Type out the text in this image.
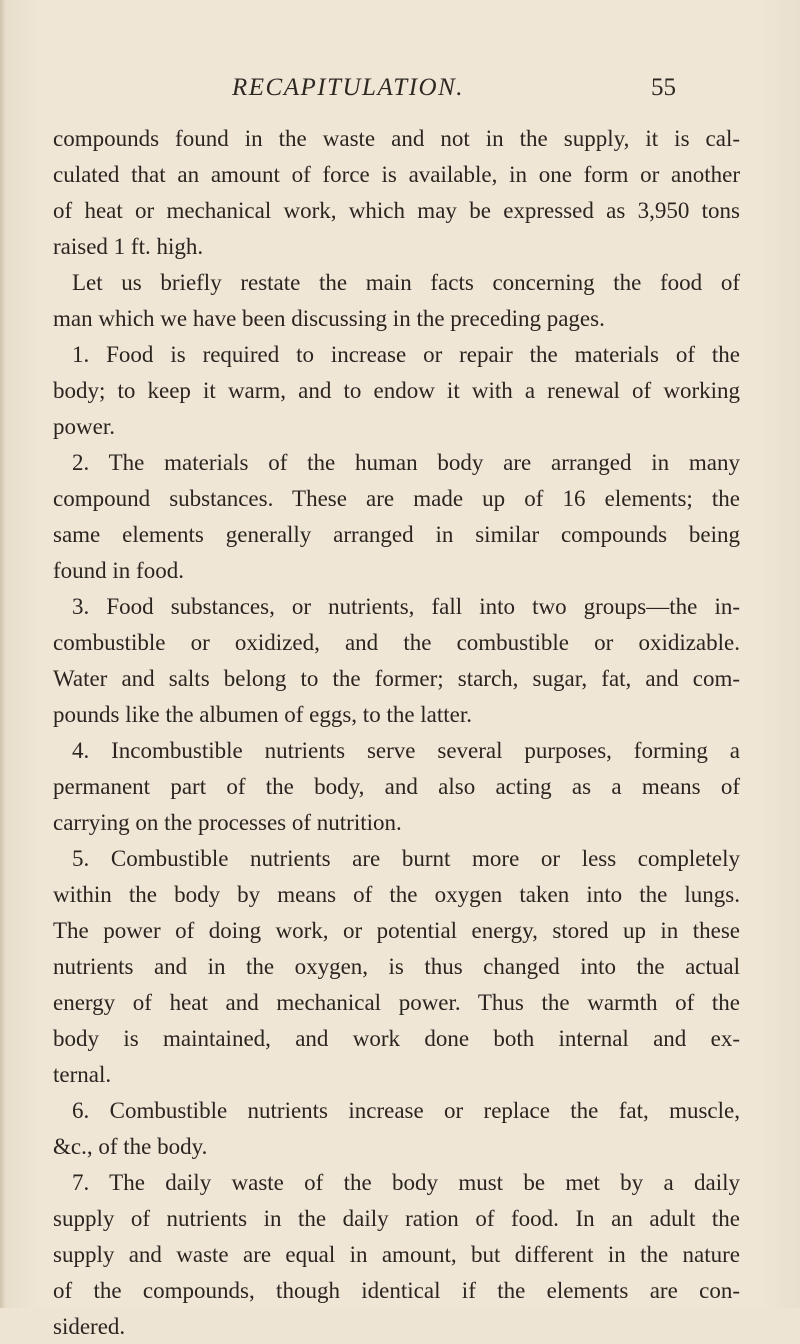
RECAPITULATION.	55
compounds found in the waste and not in the supply, it is cal-
culated that an amount of force is available, in one form or another
of heat or mechanical work, which may be expressed as 3,950 tons
raised 1 ft. high.
Let us briefly restate the main facts concerning the food of
man which we have been discussing in the preceding pages.
1. Food is required to increase or repair the materials of the
body; to keep it warm, and to endow it with a renewal of working
power.
2. The materials of the human body are arranged in many
compound substances. These are made up of 16 elements; the
same elements generally arranged in similar compounds being
found in food.
3. Food substances, or nutrients, fall into two groups—the in-
combustible or oxidized, and the combustible or oxidizable.
Water and salts belong to the former; starch, sugar, fat, and com-
pounds like the albumen of eggs, to the latter.
4. Incombustible nutrients serve several purposes, forming a
permanent part of the body, and also acting as a means of
carrying on the processes of nutrition.
5. Combustible nutrients are burnt more or less completely
within the body by means of the oxygen taken into the lungs.
The power of doing work, or potential energy, stored up in these
nutrients and in the oxygen, is thus changed into the actual
energy of heat and mechanical power. Thus the warmth of the
body is maintained, and work done both internal and ex-
ternal.
6. Combustible nutrients increase or replace the fat, muscle,
&c., of the body.
7. The daily waste of the body must be met by a daily
supply of nutrients in the daily ration of food. In an adult the
supply and waste are equal in amount, but different in the nature
of the compounds, though identical if the elements are con-
sidered.
